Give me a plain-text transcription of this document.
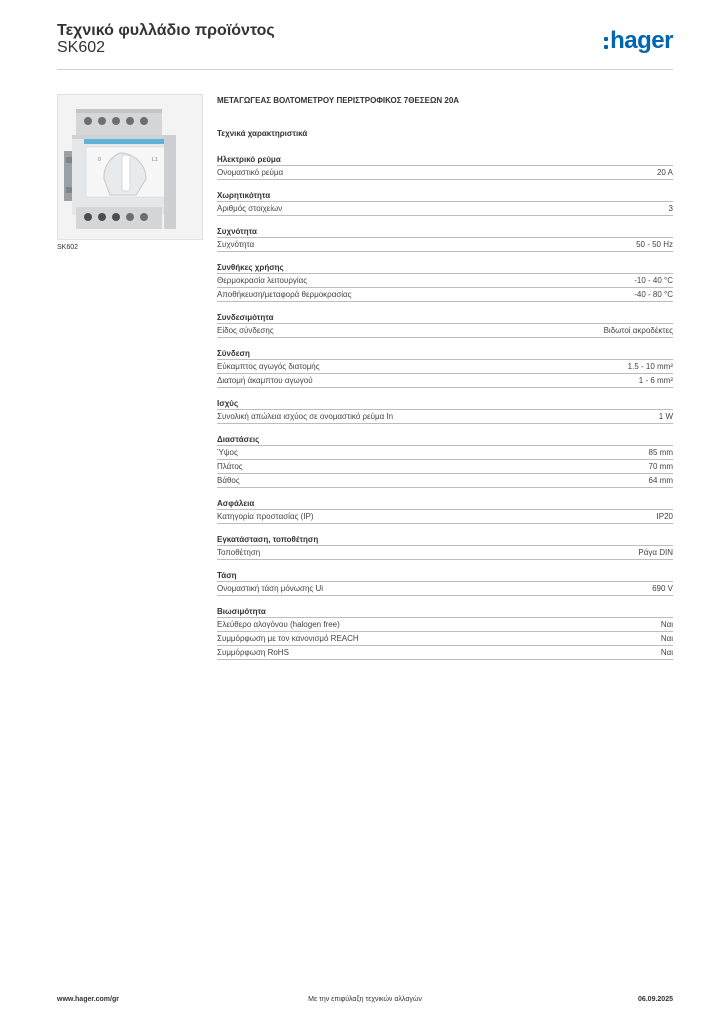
Τεχνικό φυλλάδιο προϊόντος
SK602	hager
0	L1
SK602
ΜΕΤΑΓΩΓΕΑΣ ΒΟΛΤΟΜΕΤΡΟΥ ΠΕΡΙΣΤΡΟΦΙΚΟΣ 7ΘΕΣΕΩΝ 20A
Τεχνικά χαρακτηριστικά
Ηλεκτρικό ρεύμα
Ονομαστικό ρεύμα	20 A
Χωρητικότητα
Αριθμός στοιχείων	3
Συχνότητα
Συχνότητα	50 - 50 Hz
Συνθήκες χρήσης
Θερμοκρασία λειτουργίας	-10 - 40 °C
Αποθήκευση/μεταφορά θερμοκρασίας	-40 - 80 °C
Συνδεσιμότητα
Είδος σύνδεσης	Βιδωτοί ακροδέκτες
Σύνδεση
Εύκαμπτος αγωγός διατομής	1.5 - 10 mm²
Διατομή άκαμπτου αγωγού	1 - 6 mm²
Ισχύς
Συνολική απώλεια ισχύος σε ονομαστικό ρεύμα In	1 W
Διαστάσεις
Ύψος	85 mm
Πλάτος	70 mm
Βάθος	64 mm
Ασφάλεια
Κατηγορία προστασίας (IP)	IP20
Εγκατάσταση, τοποθέτηση
Τοποθέτηση	Ράγα DIN
Τάση
Ονομαστική τάση μόνωσης Ui	690 V
Βιωσιμότητα
Ελεύθερο αλογόνου (halogen free)	Ναι
Συμμόρφωση με τον κανονισμό REACH	Ναι
Συμμόρφωση RoHS	Ναι
www.hager.com/gr	Με την επιφύλαξη τεχνικών αλλαγών	06.09.2025
